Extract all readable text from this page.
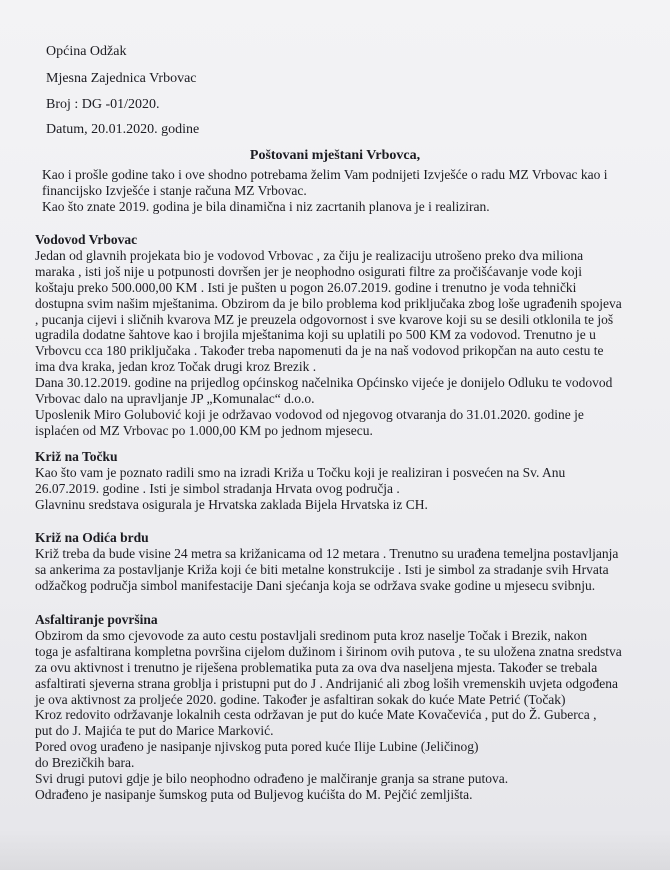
Općina Odžak
Mjesna Zajednica Vrbovac
Broj : DG -01/2020.
Datum, 20.01.2020. godine
Poštovani mještani Vrbovca,

Kao i prošle godine tako i ove shodno potrebama želim Vam podnijeti Izvješće o radu MZ Vrbovac kao i

financijsko Izvješće i stanje računa MZ Vrbovac.

Kao što znate 2019. godina je bila dinamična i niz zacrtanih planova je i realiziran.

Vodovod Vrbovac

Jedan od glavnih projekata bio je vodovod Vrbovac , za čiju je realizaciju utrošeno preko dva miliona

maraka , isti još nije u potpunosti dovršen jer je neophodno osigurati filtre za pročišćavanje vode koji

koštaju preko 500.000,00 KM . Isti je pušten u pogon 26.07.2019. godine i trenutno je voda tehnički

dostupna svim našim mještanima. Obzirom da je bilo problema kod priključaka zbog loše ugrađenih spojeva

, pucanja cijevi i sličnih kvarova MZ je preuzela odgovornost i sve kvarove koji su se desili otklonila te još

ugradila dodatne šahtove kao i brojila mještanima koji su uplatili po 500 KM za vodovod. Trenutno je u

Vrbovcu cca 180 priključaka . Također treba napomenuti da je na naš vodovod prikopčan na auto cestu te

ima dva kraka, jedan kroz Točak drugi kroz Brezik .

Dana 30.12.2019. godine na prijedlog općinskog načelnika Općinsko vijeće je donijelo Odluku te vodovod

Vrbovac dalo na upravljanje JP „Komunalac“ d.o.o.

Uposlenik Miro Golubović koji je održavao vodovod od njegovog otvaranja do 31.01.2020. godine je

isplaćen od MZ Vrbovac po 1.000,00 KM po jednom mjesecu.

Križ na Točku

Kao što vam je poznato radili smo na izradi Križa u Točku koji je realiziran i posvećen na Sv. Anu

26.07.2019. godine . Isti je simbol stradanja Hrvata ovog područja .

Glavninu sredstava osigurala je Hrvatska zaklada Bijela Hrvatska iz CH.

Križ na Odića brdu

Križ treba da bude visine 24 metra sa križanicama od 12 metara . Trenutno su urađena temeljna postavljanja

sa ankerima za postavljanje Križa koji će biti metalne konstrukcije . Isti je simbol za stradanje svih Hrvata

odžačkog područja simbol manifestacije Dani sjećanja koja se održava svake godine u mjesecu svibnju.

Asfaltiranje površina

Obzirom da smo cjevovode za auto cestu postavljali sredinom puta kroz naselje Točak i Brezik, nakon

toga je asfaltirana kompletna površina cijelom dužinom i širinom ovih putova , te su uložena znatna sredstva

za ovu aktivnost i trenutno je riješena problematika puta za ova dva naseljena mjesta. Također se trebala

asfaltirati sjeverna strana groblja i pristupni put do J . Andrijanić ali zbog loših vremenskih uvjeta odgođena

je ova aktivnost za proljeće 2020. godine. Također je asfaltiran sokak do kuće Mate Petrić (Točak)

Kroz redovito održavanje lokalnih cesta održavan je put do kuće Mate Kovačevića , put do Ž. Guberca ,

put do J. Majića te put do Marice Marković.

Pored ovog urađeno je nasipanje njivskog puta pored kuće Ilije Lubine (Jeličinog)

do Brezičkih bara.

Svi drugi putovi gdje je bilo neophodno odrađeno je malčiranje granja sa strane putova.

Odrađeno je nasipanje šumskog puta od Buljevog kućišta do M. Pejčić zemljišta.
